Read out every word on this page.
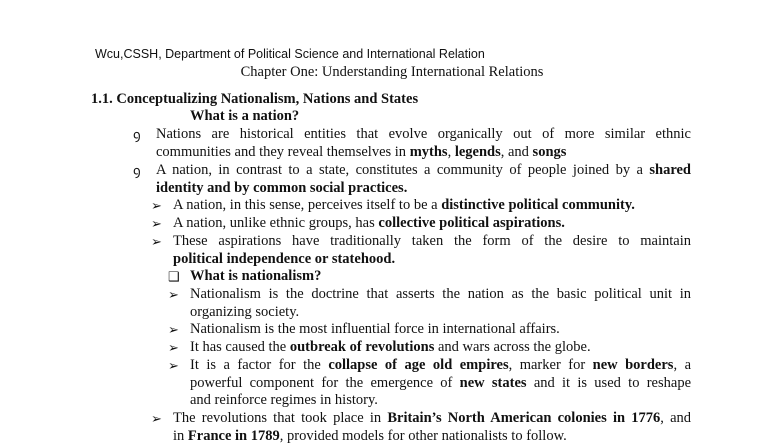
Wcu,CSSH, Department of Political Science and International Relation
Chapter One: Understanding International Relations
1.1. Conceptualizing Nationalism, Nations and States
What is a nation?
ꝯ Nations are historical entities that evolve organically out of more similar ethnic
communities and they reveal themselves in myths, legends, and songs
ꝯ A nation, in contrast to a state, constitutes a community of people joined by a shared
identity and by common social practices.
➢ A nation, in this sense, perceives itself to be a distinctive political community.
➢ A nation, unlike ethnic groups, has collective political aspirations.
➢ These aspirations have traditionally taken the form of the desire to maintain
political independence or statehood.
❑ What is nationalism?
➢ Nationalism is the doctrine that asserts the nation as the basic political unit in
organizing society.
➢ Nationalism is the most influential force in international affairs.
➢ It has caused the outbreak of revolutions and wars across the globe.
➢ It is a factor for the collapse of age old empires, marker for new borders, a
powerful component for the emergence of new states and it is used to reshape
and reinforce regimes in history.
➢ The revolutions that took place in Britain’s North American colonies in 1776, and
in France in 1789, provided models for other nationalists to follow.
